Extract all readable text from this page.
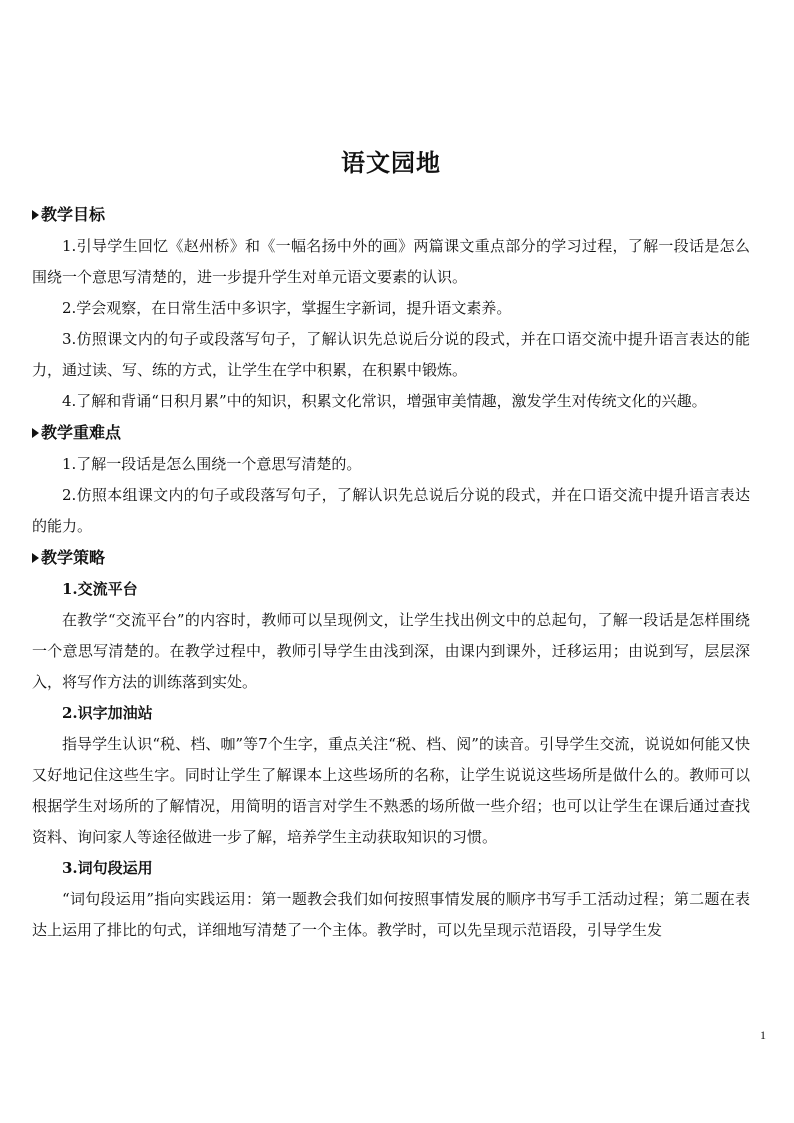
语文园地
教学目标

1.引导学生回忆《赵州桥》和《一幅名扬中外的画》两篇课文重点部分的学习过程，了解一段话是怎么围绕一个意思写清楚的，进一步提升学生对单元语文要素的认识。

2.学会观察，在日常生活中多识字，掌握生字新词，提升语文素养。

3.仿照课文内的句子或段落写句子，了解认识先总说后分说的段式，并在口语交流中提升语言表达的能力，通过读、写、练的方式，让学生在学中积累，在积累中锻炼。

4.了解和背诵“日积月累”中的知识，积累文化常识，增强审美情趣，激发学生对传统文化的兴趣。

教学重难点

1.了解一段话是怎么围绕一个意思写清楚的。

2.仿照本组课文内的句子或段落写句子，了解认识先总说后分说的段式，并在口语交流中提升语言表达的能力。

教学策略
1.交流平台

在教学“交流平台”的内容时，教师可以呈现例文，让学生找出例文中的总起句，了解一段话是怎样围绕一个意思写清楚的。在教学过程中，教师引导学生由浅到深，由课内到课外，迁移运用；由说到写，层层深入，将写作方法的训练落到实处。

2.识字加油站

指导学生认识“税、档、咖”等7个生字，重点关注“税、档、阅”的读音。引导学生交流，说说如何能又快又好地记住这些生字。同时让学生了解课本上这些场所的名称，让学生说说这些场所是做什么的。教师可以根据学生对场所的了解情况，用简明的语言对学生不熟悉的场所做一些介绍；也可以让学生在课后通过查找资料、询问家人等途径做进一步了解，培养学生主动获取知识的习惯。

3.词句段运用

“词句段运用”指向实践运用：第一题教会我们如何按照事情发展的顺序书写手工活动过程；第二题在表达上运用了排比的句式，详细地写清楚了一个主体。教学时，可以先呈现示范语段，引导学生发

1
